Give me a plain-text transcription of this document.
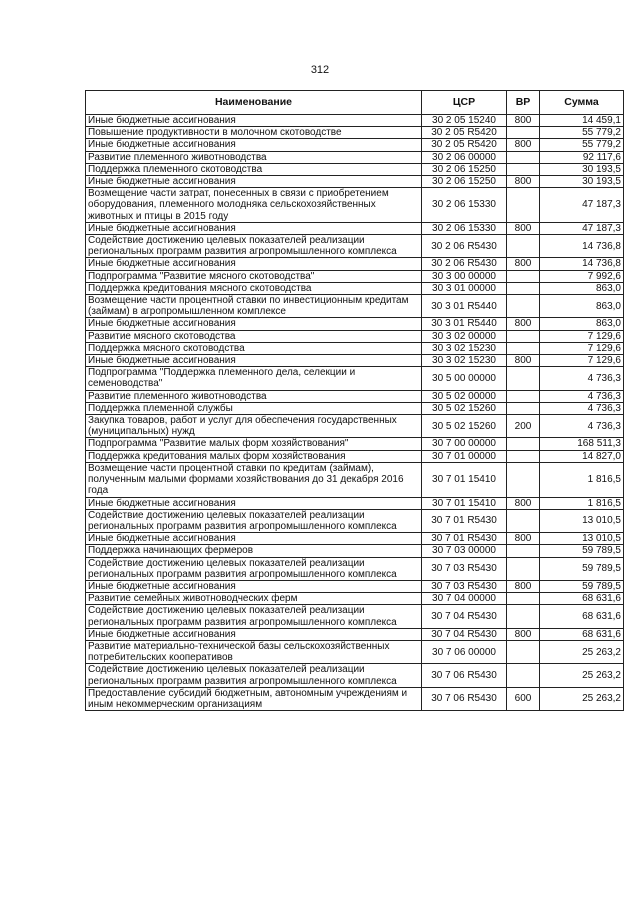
312
Наименование	ЦСР	ВР	Сумма
Иные бюджетные ассигнования	30 2 05 15240	800	14 459,1
Повышение продуктивности в молочном скотоводстве	30 2 05 R5420		55 779,2
Иные бюджетные ассигнования	30 2 05 R5420	800	55 779,2
Развитие племенного животноводства	30 2 06 00000		92 117,6
Поддержка племенного скотоводства	30 2 06 15250		30 193,5
Иные бюджетные ассигнования	30 2 06 15250	800	30 193,5
Возмещение части затрат, понесенных в связи с приобретением оборудования, племенного молодняка сельскохозяйственных животных и птицы в 2015 году	30 2 06 15330		47 187,3
Иные бюджетные ассигнования	30 2 06 15330	800	47 187,3
Содействие достижению целевых показателей реализации региональных программ развития агропромышленного комплекса	30 2 06 R5430		14 736,8
Иные бюджетные ассигнования	30 2 06 R5430	800	14 736,8
Подпрограмма "Развитие мясного скотоводства"	30 3 00 00000		7 992,6
Поддержка кредитования мясного скотоводства	30 3 01 00000		863,0
Возмещение части процентной ставки по инвестиционным кредитам (займам) в агропромышленном комплексе	30 3 01 R5440		863,0
Иные бюджетные ассигнования	30 3 01 R5440	800	863,0
Развитие мясного скотоводства	30 3 02 00000		7 129,6
Поддержка мясного скотоводства	30 3 02 15230		7 129,6
Иные бюджетные ассигнования	30 3 02 15230	800	7 129,6
Подпрограмма "Поддержка племенного дела, селекции и семеноводства"	30 5 00 00000		4 736,3
Развитие племенного животноводства	30 5 02 00000		4 736,3
Поддержка племенной службы	30 5 02 15260		4 736,3
Закупка товаров, работ и услуг для обеспечения государственных (муниципальных) нужд	30 5 02 15260	200	4 736,3
Подпрограмма "Развитие малых форм хозяйствования"	30 7 00 00000		168 511,3
Поддержка кредитования малых форм хозяйствования	30 7 01 00000		14 827,0
Возмещение части процентной ставки по кредитам (займам), полученным малыми формами хозяйствования до 31 декабря 2016 года	30 7 01 15410		1 816,5
Иные бюджетные ассигнования	30 7 01 15410	800	1 816,5
Содействие достижению целевых показателей реализации региональных программ развития агропромышленного комплекса	30 7 01 R5430		13 010,5
Иные бюджетные ассигнования	30 7 01 R5430	800	13 010,5
Поддержка начинающих фермеров	30 7 03 00000		59 789,5
Содействие достижению целевых показателей реализации региональных программ развития агропромышленного комплекса	30 7 03 R5430		59 789,5
Иные бюджетные ассигнования	30 7 03 R5430	800	59 789,5
Развитие семейных животноводческих ферм	30 7 04 00000		68 631,6
Содействие достижению целевых показателей реализации региональных программ развития агропромышленного комплекса	30 7 04 R5430		68 631,6
Иные бюджетные ассигнования	30 7 04 R5430	800	68 631,6
Развитие материально-технической базы сельскохозяйственных потребительских кооперативов	30 7 06 00000		25 263,2
Содействие достижению целевых показателей реализации региональных программ развития агропромышленного комплекса	30 7 06 R5430		25 263,2
Предоставление субсидий бюджетным, автономным учреждениям и иным некоммерческим организациям	30 7 06 R5430	600	25 263,2
